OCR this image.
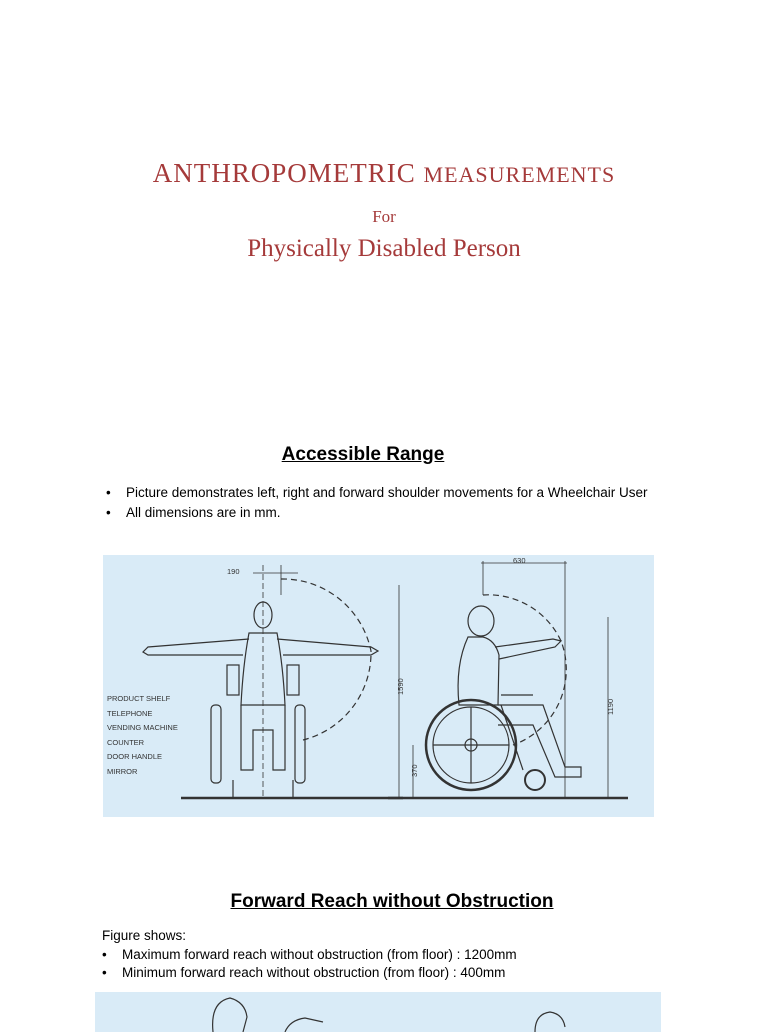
ANTHROPOMETRIC MEASUREMENTS
For
Physically Disabled Person
Accessible Range
• Picture demonstrates left, right and forward shoulder movements for a Wheelchair User
• All dimensions are in mm.
190
630
1590
1190
370
PRODUCT SHELF
TELEPHONE
VENDING MACHINE
COUNTER
DOOR HANDLE
MIRROR
Forward Reach without Obstruction
Figure shows:
• Maximum forward reach without obstruction (from floor) : 1200mm
• Minimum forward reach without obstruction (from floor) : 400mm
